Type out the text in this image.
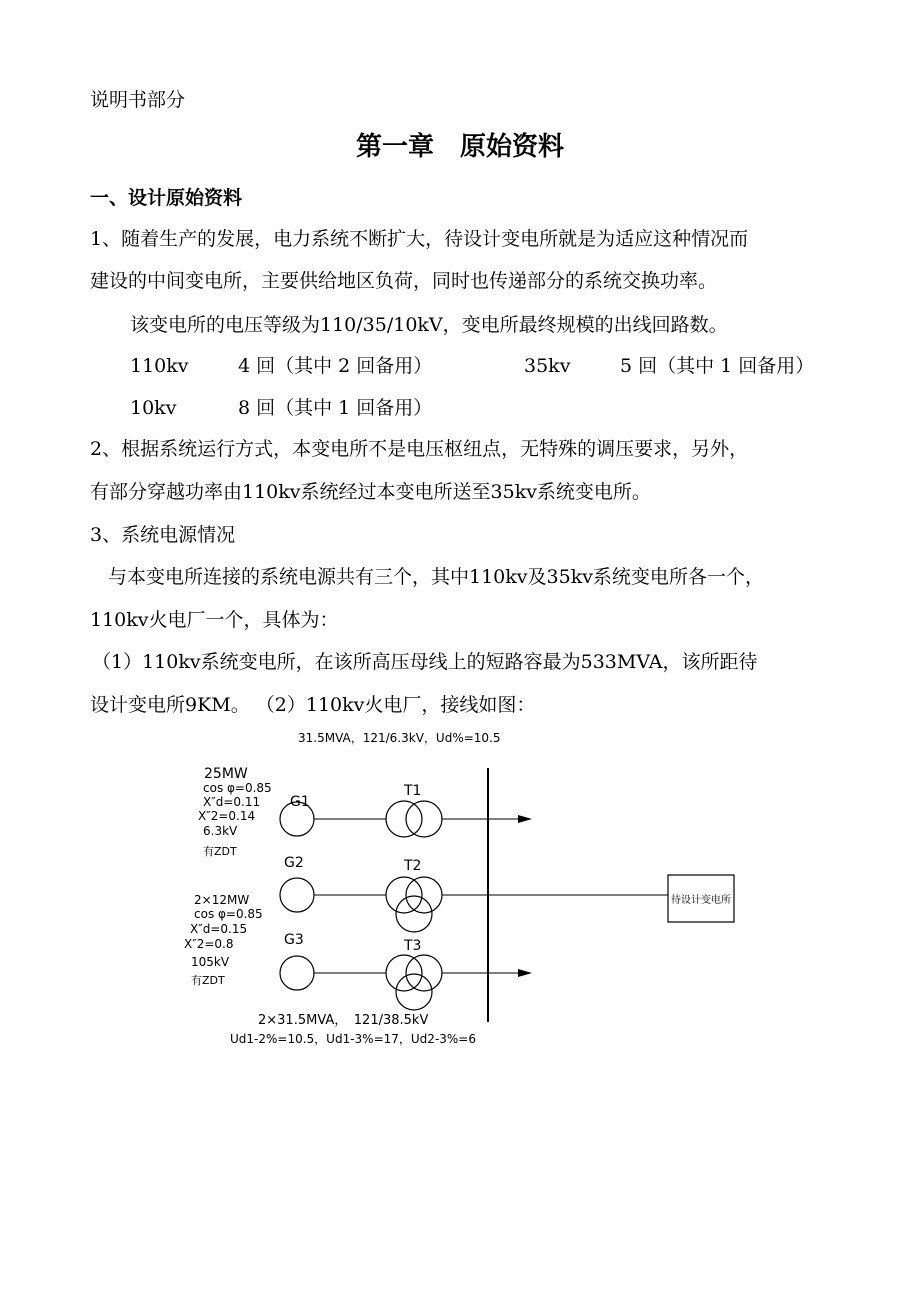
说明书部分
第一章　原始资料
一、设计原始资料
1、随着生产的发展，电力系统不断扩大，待设计变电所就是为适应这种情况而
建设的中间变电所，主要供给地区负荷，同时也传递部分的系统交换功率。
该变电所的电压等级为110/35/10kV，变电所最终规模的出线回路数。
110kv	4 回（其中 2 回备用）	35kv	5 回（其中 1 回备用）
10kv	8 回（其中 1 回备用）
2、根据系统运行方式，本变电所不是电压枢纽点，无特殊的调压要求，另外，
有部分穿越功率由110kv系统经过本变电所送至35kv系统变电所。
3、系统电源情况
与本变电所连接的系统电源共有三个，其中110kv及35kv系统变电所各一个，
110kv火电厂一个，具体为：
（1）110kv系统变电所，在该所高压母线上的短路容最为533MVA，该所距待
设计变电所9KM。 （2）110kv火电厂，接线如图：
31.5MVA，121/6.3kV，Ud%=10.5
25MW
cos φ=0.85
X″d=0.11
X″2=0.14
6.3kV
有ZDT
G1
T1
G2	T2
待设计变电所
2×12MW
cos φ=0.85
X″d=0.15
X″2=0.8
105kV
有ZDT
G3	T3
2×31.5MVA，　121/38.5kV
Ud1-2%=10.5，Ud1-3%=17，Ud2-3%=6
